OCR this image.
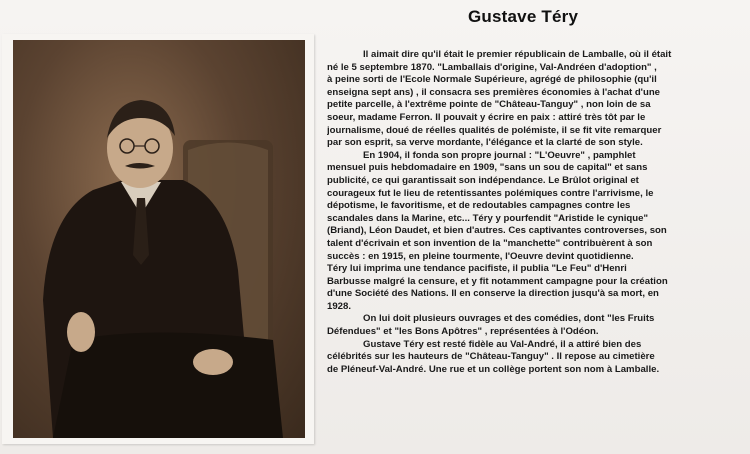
Gustave Téry
Il aimait dire qu'il était le premier républicain de Lamballe, où il était
né le 5 septembre 1870. "Lamballais d'origine, Val-Andréen d'adoption" ,
à peine sorti de l'Ecole Normale Supérieure, agrégé de philosophie (qu'il
enseigna sept ans) , il consacra ses premières économies à l'achat d'une
petite parcelle, à l'extrême pointe de "Château-Tanguy" , non loin de sa
soeur, madame Ferron. Il pouvait y écrire en paix : attiré très tôt par le
journalisme, doué de réelles qualités de polémiste, il se fit vite remarquer
par son esprit, sa verve mordante, l'élégance et la clarté de son style.
En 1904, il fonda son propre journal : "L'Oeuvre" , pamphlet
mensuel puis hebdomadaire en 1909, "sans un sou de capital" et sans
publicité, ce qui garantissait son indépendance. Le Brûlot original et
courageux fut le lieu de retentissantes polémiques contre l'arrivisme, le
dépotisme, le favoritisme, et de redoutables campagnes contre les
scandales dans la Marine, etc... Téry y pourfendit "Aristide le cynique"
(Briand), Léon Daudet, et bien d'autres. Ces captivantes controverses, son
talent d'écrivain et son invention de la "manchette" contribuèrent à son
succès : en 1915, en pleine tourmente, l'Oeuvre devint quotidienne.
Téry lui imprima une tendance pacifiste, il publia "Le Feu" d'Henri
Barbusse malgré la censure, et y fit notamment campagne pour la création
d'une Société des Nations. Il en conserve la direction jusqu'à sa mort, en
1928.
On lui doit plusieurs ouvrages et des comédies, dont "les Fruits
Défendues" et "les Bons Apôtres" , représentées à l'Odéon.
Gustave Téry est resté fidèle au Val-André, il a attiré bien des
célébrités sur les hauteurs de "Château-Tanguy" . Il repose au cimetière
de Pléneuf-Val-André. Une rue et un collège portent son nom à Lamballe.
